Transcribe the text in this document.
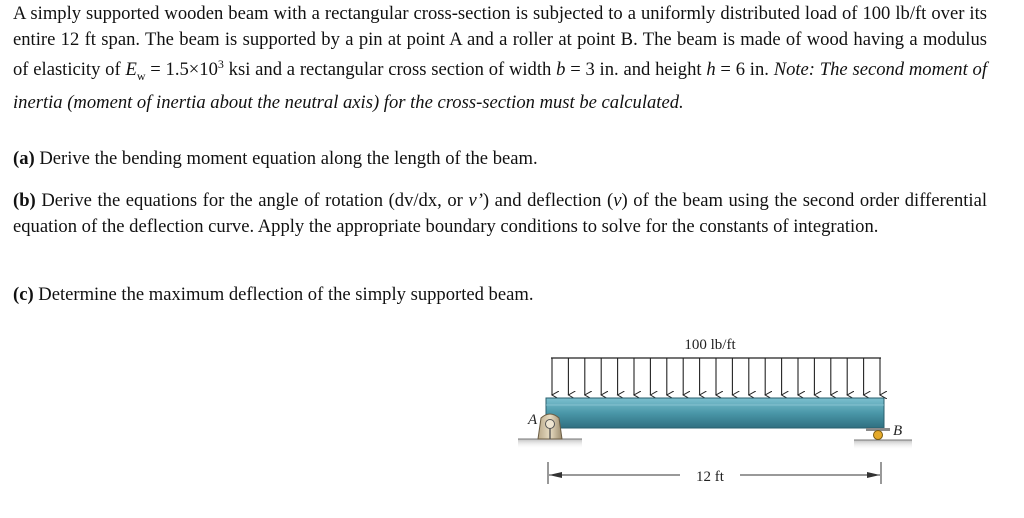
A simply supported wooden beam with a rectangular cross-section is subjected to a uniformly distributed load of 100 lb/ft over its entire 12 ft span. The beam is supported by a pin at point A and a roller at point B. The beam is made of wood having a modulus of elasticity of $E_w = 1.5\times 10^3$ ksi and a rectangular cross section of width b = 3 in. and height h = 6 in. Note: The second moment of inertia (moment of inertia about the neutral axis) for the cross-section must be calculated.
(a) Derive the bending moment equation along the length of the beam.
(b) Derive the equations for the angle of rotation (dv/dx, or v’) and deflection (v) of the beam using the second order differential equation of the deflection curve. Apply the appropriate boundary conditions to solve for the constants of integration.
(c) Determine the maximum deflection of the simply supported beam.
100 lb/ft
A
B
12 ft
